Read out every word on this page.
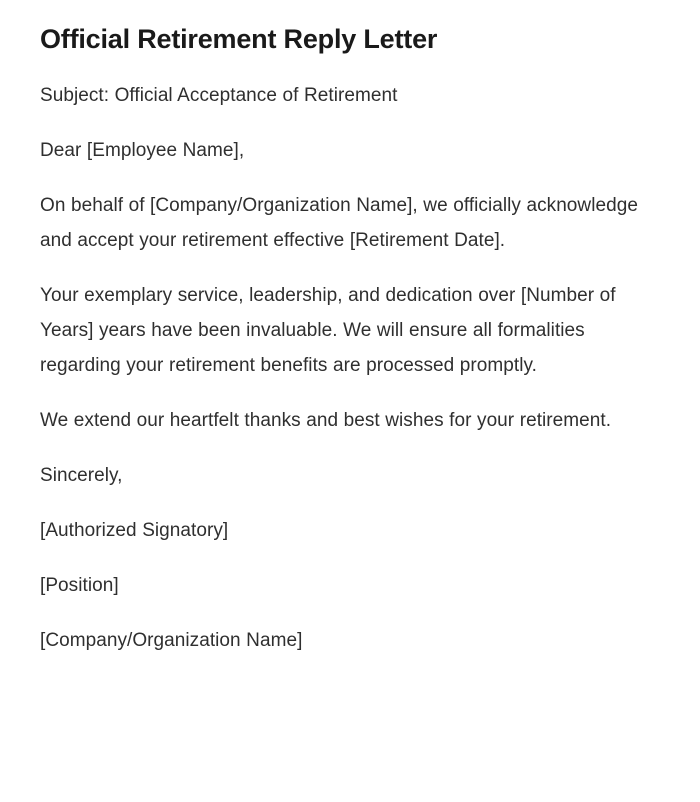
Official Retirement Reply Letter

Subject: Official Acceptance of Retirement

Dear [Employee Name],

On behalf of [Company/Organization Name], we officially acknowledge and accept your retirement effective [Retirement Date].

Your exemplary service, leadership, and dedication over [Number of Years] years have been invaluable. We will ensure all formalities regarding your retirement benefits are processed promptly.

We extend our heartfelt thanks and best wishes for your retirement.

Sincerely,

[Authorized Signatory]

[Position]

[Company/Organization Name]
